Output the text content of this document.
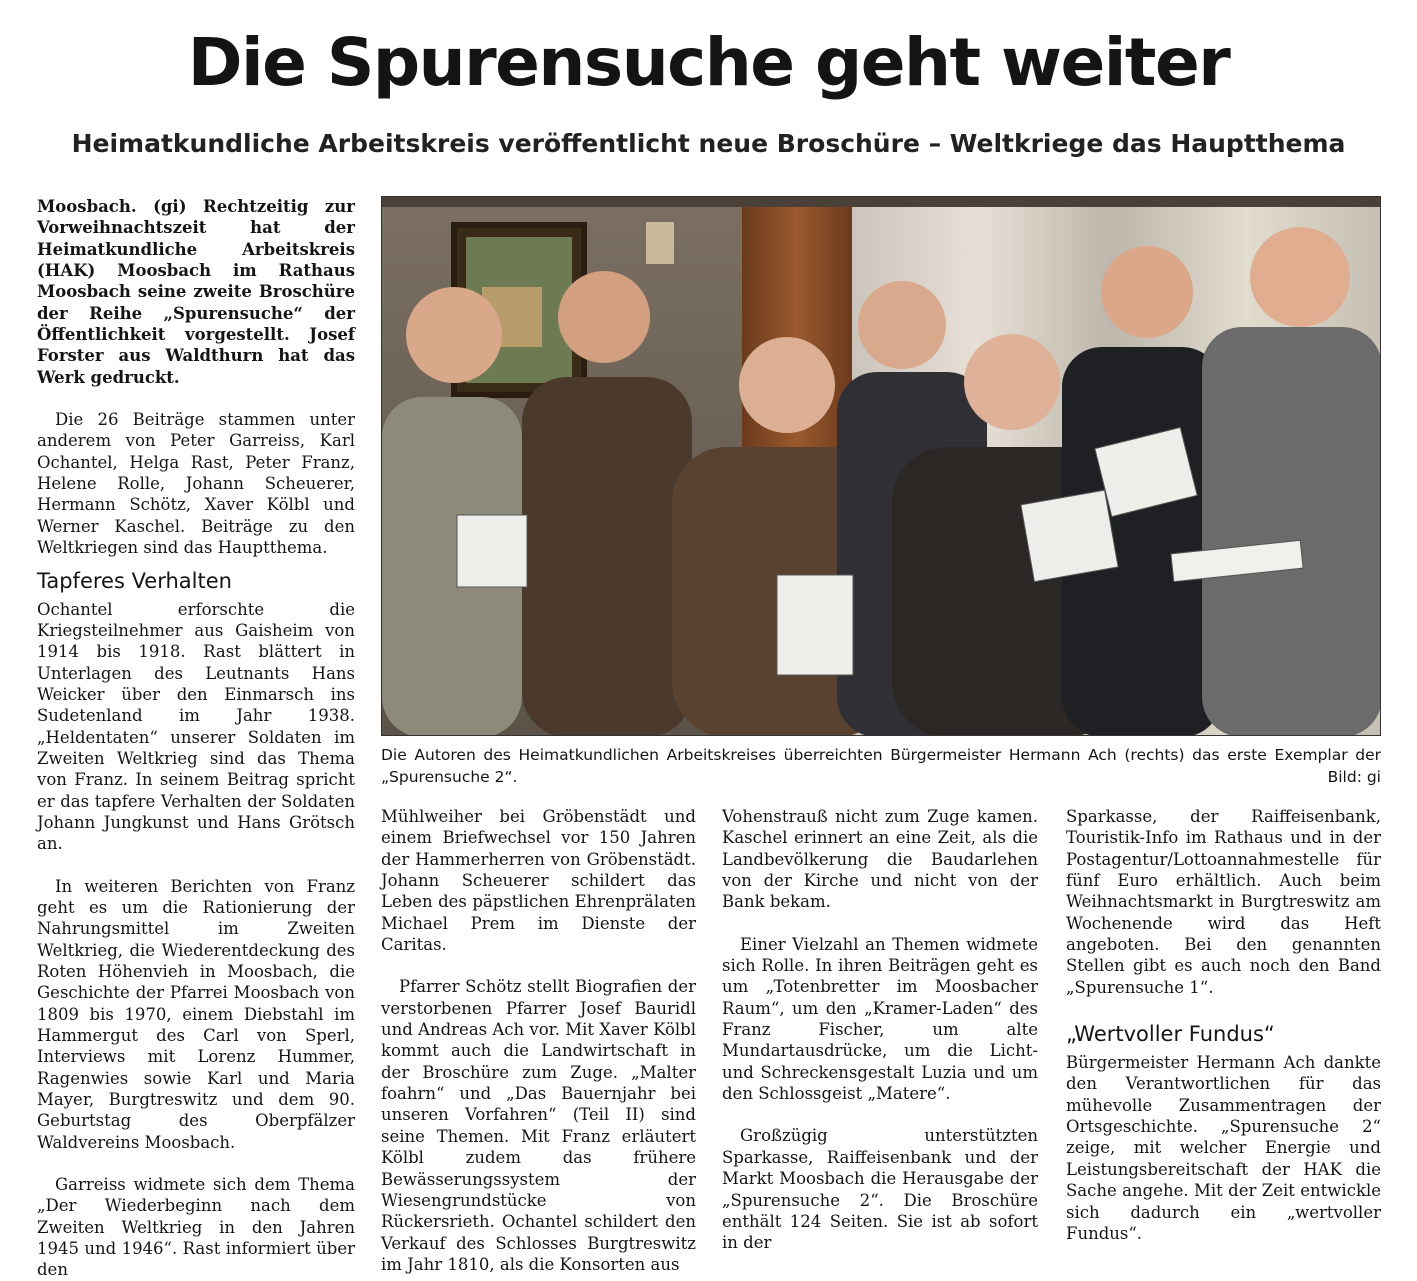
Die Spurensuche geht weiter
Heimatkundliche Arbeitskreis veröffentlicht neue Broschüre – Weltkriege das Hauptthema

Moosbach. (gi) Rechtzeitig zur Vorweihnachtszeit hat der Heimatkundliche Arbeitskreis (HAK) Moosbach im Rathaus Moosbach seine zweite Broschüre der Reihe „Spurensuche“ der Öffentlichkeit vorgestellt. Josef Forster aus Waldthurn hat das Werk gedruckt.

Die 26 Beiträge stammen unter anderem von Peter Garreiss, Karl Ochantel, Helga Rast, Peter Franz, Helene Rolle, Johann Scheuerer, Hermann Schötz, Xaver Kölbl und Werner Kaschel. Beiträge zu den Weltkriegen sind das Hauptthema.

Tapferes Verhalten

Ochantel erforschte die Kriegsteilnehmer aus Gaisheim von 1914 bis 1918. Rast blättert in Unterlagen des Leutnants Hans Weicker über den Einmarsch ins Sudetenland im Jahr 1938. „Heldentaten“ unserer Soldaten im Zweiten Weltkrieg sind das Thema von Franz. In seinem Beitrag spricht er das tapfere Verhalten der Soldaten Johann Jungkunst und Hans Grötsch an.

In weiteren Berichten von Franz geht es um die Rationierung der Nahrungsmittel im Zweiten Weltkrieg, die Wiederentdeckung des Roten Höhenvieh in Moosbach, die Geschichte der Pfarrei Moosbach von 1809 bis 1970, einem Diebstahl im Hammergut des Carl von Sperl, Interviews mit Lorenz Hummer, Ragenwies sowie Karl und Maria Mayer, Burgtreswitz und dem 90. Geburtstag des Oberpfälzer Waldvereins Moosbach.

Garreiss widmete sich dem Thema „Der Wiederbeginn nach dem Zweiten Weltkrieg in den Jahren 1945 und 1946“. Rast informiert über den

Die Autoren des Heimatkundlichen Arbeitskreises überreichten Bürgermeister Hermann Ach (rechts) das erste Exemplar der „Spurensuche 2“.	Bild: gi

Mühlweiher bei Gröbenstädt und einem Briefwechsel vor 150 Jahren der Hammerherren von Gröbenstädt. Johann Scheuerer schildert das Leben des päpstlichen Ehrenprälaten Michael Prem im Dienste der Caritas.

Pfarrer Schötz stellt Biografien der verstorbenen Pfarrer Josef Bauridl und Andreas Ach vor. Mit Xaver Kölbl kommt auch die Landwirtschaft in der Broschüre zum Zuge. „Malter foahrn“ und „Das Bauernjahr bei unseren Vorfahren“ (Teil II) sind seine Themen. Mit Franz erläutert Kölbl zudem das frühere Bewässerungssystem der Wiesengrundstücke von Rückersrieth. Ochantel schildert den Verkauf des Schlosses Burgtreswitz im Jahr 1810, als die Konsorten aus

Vohenstrauß nicht zum Zuge kamen. Kaschel erinnert an eine Zeit, als die Landbevölkerung die Baudarlehen von der Kirche und nicht von der Bank bekam.

Einer Vielzahl an Themen widmete sich Rolle. In ihren Beiträgen geht es um „Totenbretter im Moosbacher Raum“, um den „Kramer-Laden“ des Franz Fischer, um alte Mundartausdrücke, um die Licht- und Schreckensgestalt Luzia und um den Schlossgeist „Matere“.

Großzügig unterstützten Sparkasse, Raiffeisenbank und der Markt Moosbach die Herausgabe der „Spurensuche 2“. Die Broschüre enthält 124 Seiten. Sie ist ab sofort in der

Sparkasse, der Raiffeisenbank, Touristik-Info im Rathaus und in der Postagentur/Lottoannahmestelle für fünf Euro erhältlich. Auch beim Weihnachtsmarkt in Burgtreswitz am Wochenende wird das Heft angeboten. Bei den genannten Stellen gibt es auch noch den Band „Spurensuche 1“.

„Wertvoller Fundus“

Bürgermeister Hermann Ach dankte den Verantwortlichen für das mühevolle Zusammentragen der Ortsgeschichte. „Spurensuche 2“ zeige, mit welcher Energie und Leistungsbereitschaft der HAK die Sache angehe. Mit der Zeit entwickle sich dadurch ein „wertvoller Fundus“.
